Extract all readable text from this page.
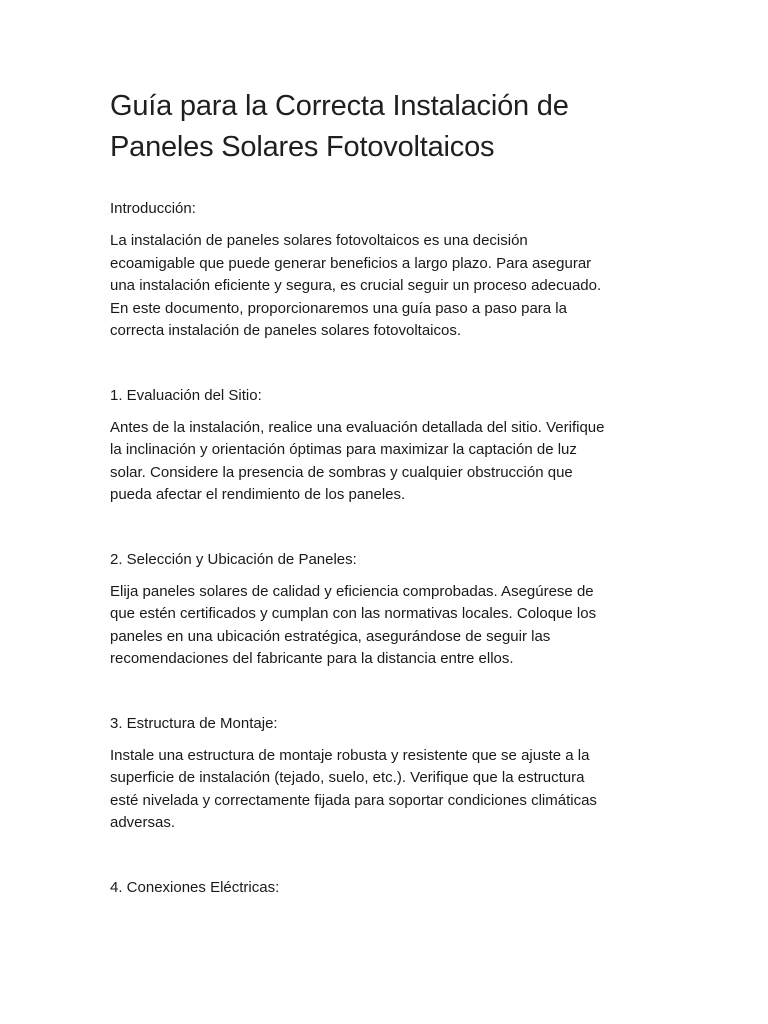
Guía para la Correcta Instalación de
Paneles Solares Fotovoltaicos
Introducción:

La instalación de paneles solares fotovoltaicos es una decisión
ecoamigable que puede generar beneficios a largo plazo. Para asegurar
una instalación eficiente y segura, es crucial seguir un proceso adecuado.
En este documento, proporcionaremos una guía paso a paso para la
correcta instalación de paneles solares fotovoltaicos.

1. Evaluación del Sitio:

Antes de la instalación, realice una evaluación detallada del sitio. Verifique
la inclinación y orientación óptimas para maximizar la captación de luz
solar. Considere la presencia de sombras y cualquier obstrucción que
pueda afectar el rendimiento de los paneles.

2. Selección y Ubicación de Paneles:

Elija paneles solares de calidad y eficiencia comprobadas. Asegúrese de
que estén certificados y cumplan con las normativas locales. Coloque los
paneles en una ubicación estratégica, asegurándose de seguir las
recomendaciones del fabricante para la distancia entre ellos.

3. Estructura de Montaje:

Instale una estructura de montaje robusta y resistente que se ajuste a la
superficie de instalación (tejado, suelo, etc.). Verifique que la estructura
esté nivelada y correctamente fijada para soportar condiciones climáticas
adversas.

4. Conexiones Eléctricas:
